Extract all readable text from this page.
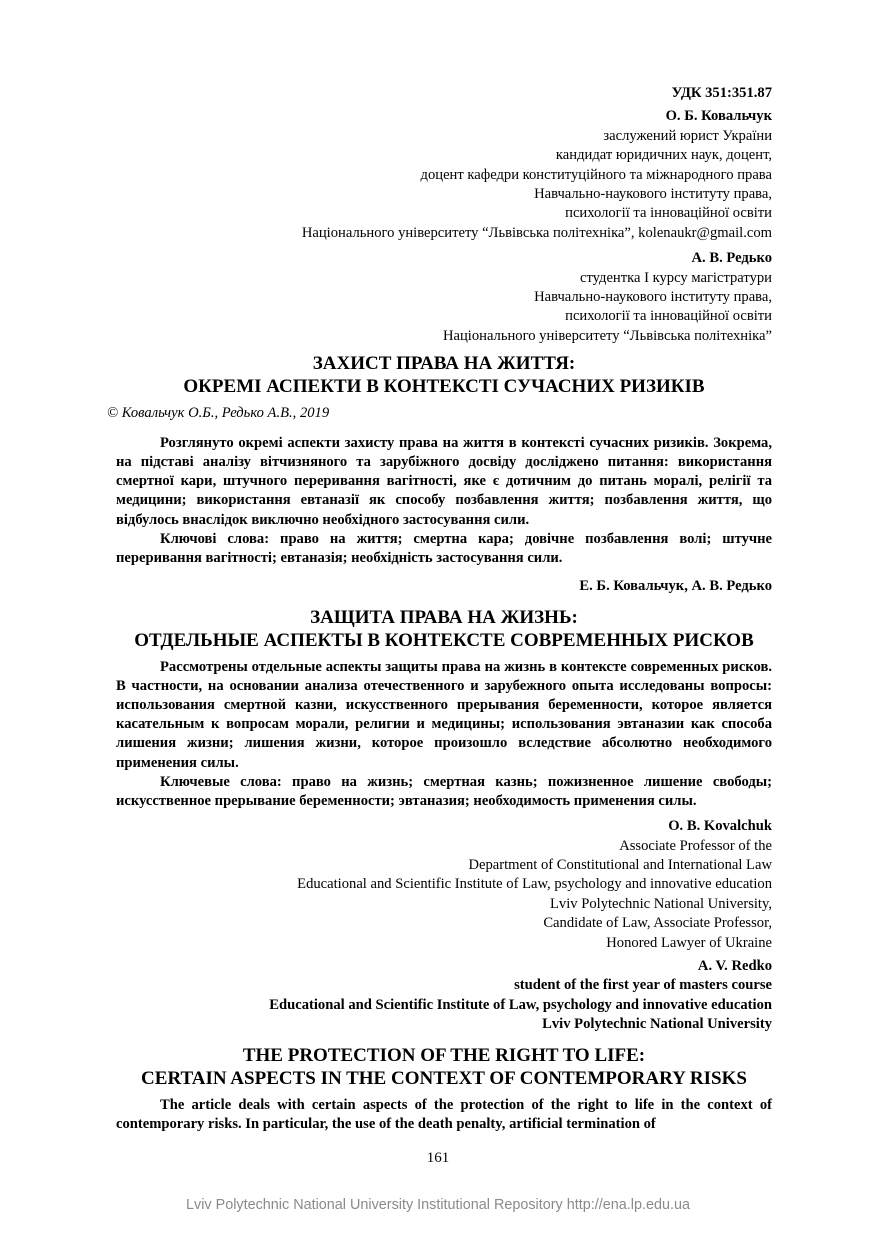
УДК 351:351.87

О. Б. Ковальчук

заслужений юрист України

кандидат юридичних наук, доцент,

доцент кафедри конституційного та міжнародного права

Навчально-наукового інституту права,

психології та інноваційної освіти

Національного університету “Львівська політехніка”, kolenaukr@gmail.com

А. В. Редько

студентка І курсу магістратури

Навчально-наукового інституту права,

психології та інноваційної освіти

Національного університету “Львівська політехніка”

ЗАХИСТ ПРАВА НА ЖИТТЯ:

ОКРЕМІ АСПЕКТИ В КОНТЕКСТІ СУЧАСНИХ РИЗИКІВ

© Ковальчук О.Б., Редько А.В., 2019

Розглянуто окремі аспекти захисту права на життя в контексті сучасних ризиків. Зокрема, на підставі аналізу вітчизняного та зарубіжного досвіду досліджено питання: використання смертної кари, штучного переривання вагітності, яке є дотичним до питань моралі, релігії та медицини; використання евтаназії як способу позбавлення життя; позбавлення життя, що відбулось внаслідок виключно необхідного застосування сили.

Ключові слова: право на життя; смертна кара; довічне позбавлення волі; штучне переривання вагітності; евтаназія; необхідність застосування сили.

Е. Б. Ковальчук, А. В. Редько

ЗАЩИТА ПРАВА НА ЖИЗНЬ:

ОТДЕЛЬНЫЕ АСПЕКТЫ В КОНТЕКСТЕ СОВРЕМЕННЫХ РИСКОВ

Рассмотрены отдельные аспекты защиты права на жизнь в контексте современных рисков. В частности, на основании анализа отечественного и зарубежного опыта исследованы вопросы: использования смертной казни, искусственного прерывания беременности, которое является касательным к вопросам морали, религии и медицины; использования эвтаназии как способа лишения жизни; лишения жизни, которое произошло вследствие абсолютно необходимого применения силы.

Ключевые слова: право на жизнь; смертная казнь; пожизненное лишение свободы; искусственное прерывание беременности; эвтаназия; необходимость применения силы.

O. B. Kovalchuk

Associate Professor of the

Department of Constitutional and International Law

Educational and Scientific Institute of Law, psychology and innovative education

Lviv Polytechnic National University,

Candidate of Law, Associate Professor,

Honored Lawyer of Ukraine

A. V. Redko

student of the first year of masters course

Educational and Scientific Institute of Law, psychology and innovative education

Lviv Polytechnic National University

THE PROTECTION OF THE RIGHT TO LIFE:

CERTAIN ASPECTS IN THE CONTEXT OF CONTEMPORARY RISKS

The article deals with certain aspects of the protection of the right to life in the context of contemporary risks. In particular, the use of the death penalty, artificial termination of

161
Lviv Polytechnic National University Institutional Repository http://ena.lp.edu.ua
